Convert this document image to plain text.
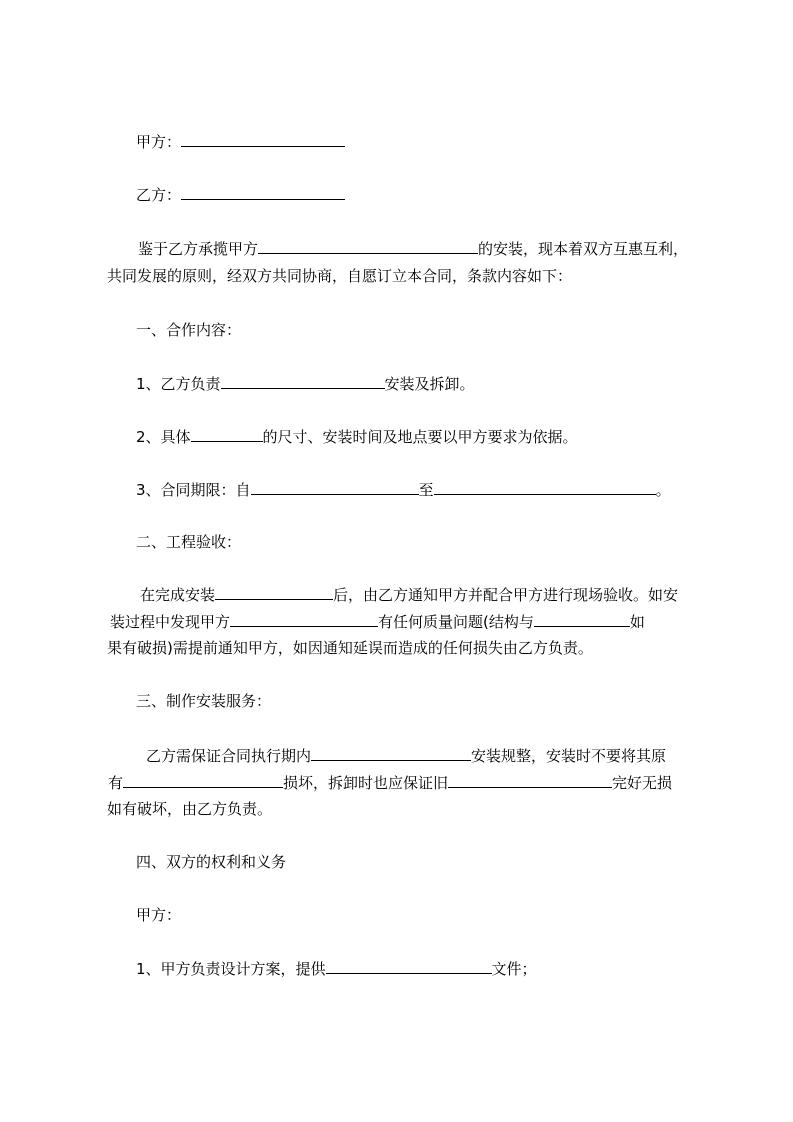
甲方：
乙方：
鉴于乙方承揽甲方	的安装，现本着双方互惠互利，
共同发展的原则，经双方共同协商，自愿订立本合同，条款内容如下：
一、合作内容：
1、乙方负责	安装及拆卸。
2、具体	的尺寸、安装时间及地点要以甲方要求为依据。
3、合同期限：自	至	。
二、工程验收：
在完成安装	后，由乙方通知甲方并配合甲方进行现场验收。如安
装过程中发现甲方	有任何质量问题(结构与	如
果有破损)需提前通知甲方，如因通知延误而造成的任何损失由乙方负责。
三、制作安装服务：
乙方需保证合同执行期内	安装规整，安装时不要将其原
有	损坏，拆卸时也应保证旧	完好无损
如有破坏，由乙方负责。
四、双方的权利和义务
甲方：
1、甲方负责设计方案，提供	文件；
